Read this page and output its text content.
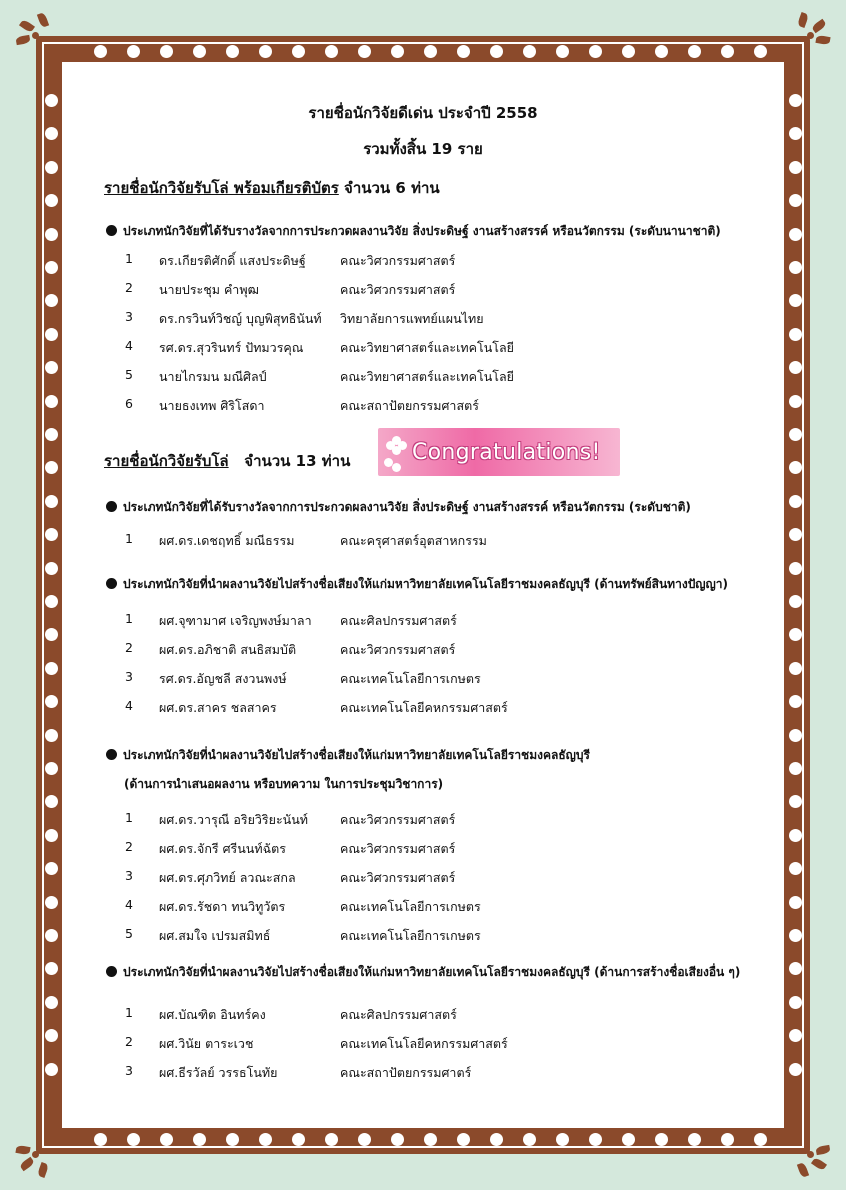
รายชื่อนักวิจัยดีเด่น ประจำปี 2558
รวมทั้งสิ้น 19 ราย
รายชื่อนักวิจัยรับโล่ พร้อมเกียรติบัตร จำนวน 6 ท่าน
ประเภทนักวิจัยที่ได้รับรางวัลจากการประกวดผลงานวิจัย สิ่งประดิษฐ์ งานสร้างสรรค์ หรือนวัตกรรม (ระดับนานาชาติ)
รายชื่อนักวิจัยรับโล่ จำนวน 13 ท่าน	Congratulations!
ประเภทนักวิจัยที่ได้รับรางวัลจากการประกวดผลงานวิจัย สิ่งประดิษฐ์ งานสร้างสรรค์ หรือนวัตกรรม (ระดับชาติ)
ประเภทนักวิจัยที่นำผลงานวิจัยไปสร้างชื่อเสียงให้แก่มหาวิทยาลัยเทคโนโลยีราชมงคลธัญบุรี (ด้านทรัพย์สินทางปัญญา)
ประเภทนักวิจัยที่นำผลงานวิจัยไปสร้างชื่อเสียงให้แก่มหาวิทยาลัยเทคโนโลยีราชมงคลธัญบุรี
(ด้านการนำเสนอผลงาน หรือบทความ ในการประชุมวิชาการ)
ประเภทนักวิจัยที่นำผลงานวิจัยไปสร้างชื่อเสียงให้แก่มหาวิทยาลัยเทคโนโลยีราชมงคลธัญบุรี (ด้านการสร้างชื่อเสียงอื่น ๆ)
1 ดร.เกียรติศักดิ์ แสงประดิษฐ์	คณะวิศวกรรมศาสตร์
2 นายประชุม คำพุฒ	คณะวิศวกรรมศาสตร์
3 ดร.กรวินท์วิชญ์ บุญพิสุทธินันท์ วิทยาลัยการแพทย์แผนไทย
4 รศ.ดร.สุวรินทร์ ปัทมวรคุณ	คณะวิทยาศาสตร์และเทคโนโลยี
5 นายไกรมน มณีศิลป์	คณะวิทยาศาสตร์และเทคโนโลยี
6 นายธงเทพ ศิริโสดา	คณะสถาปัตยกรรมศาสตร์
1 ผศ.ดร.เดชฤทธิ์ มณีธรรม	คณะครุศาสตร์อุตสาหกรรม
1 ผศ.จุฑามาศ เจริญพงษ์มาลา คณะศิลปกรรมศาสตร์
2 ผศ.ดร.อภิชาติ สนธิสมบัติ	คณะวิศวกรรมศาสตร์
3 รศ.ดร.อัญชลี สงวนพงษ์	คณะเทคโนโลยีการเกษตร
4 ผศ.ดร.สาคร ชลสาคร	คณะเทคโนโลยีคหกรรมศาสตร์
1 ผศ.ดร.วารุณี อริยวิริยะนันท์	คณะวิศวกรรมศาสตร์
2 ผศ.ดร.จักรี ศรีนนท์ฉัตร	คณะวิศวกรรมศาสตร์
3 ผศ.ดร.ศุภวิทย์ ลวณะสกล	คณะวิศวกรรมศาสตร์
4 ผศ.ดร.รัชดา ทนวิทูวัตร	คณะเทคโนโลยีการเกษตร
5 ผศ.สมใจ เปรมสมิทธ์	คณะเทคโนโลยีการเกษตร
1 ผศ.บัณฑิต อินทร์คง	คณะศิลปกรรมศาสตร์
2 ผศ.วินัย ตาระเวช	คณะเทคโนโลยีคหกรรมศาสตร์
3 ผศ.ธีรวัลย์ วรรธโนทัย	คณะสถาปัตยกรรมศาตร์
